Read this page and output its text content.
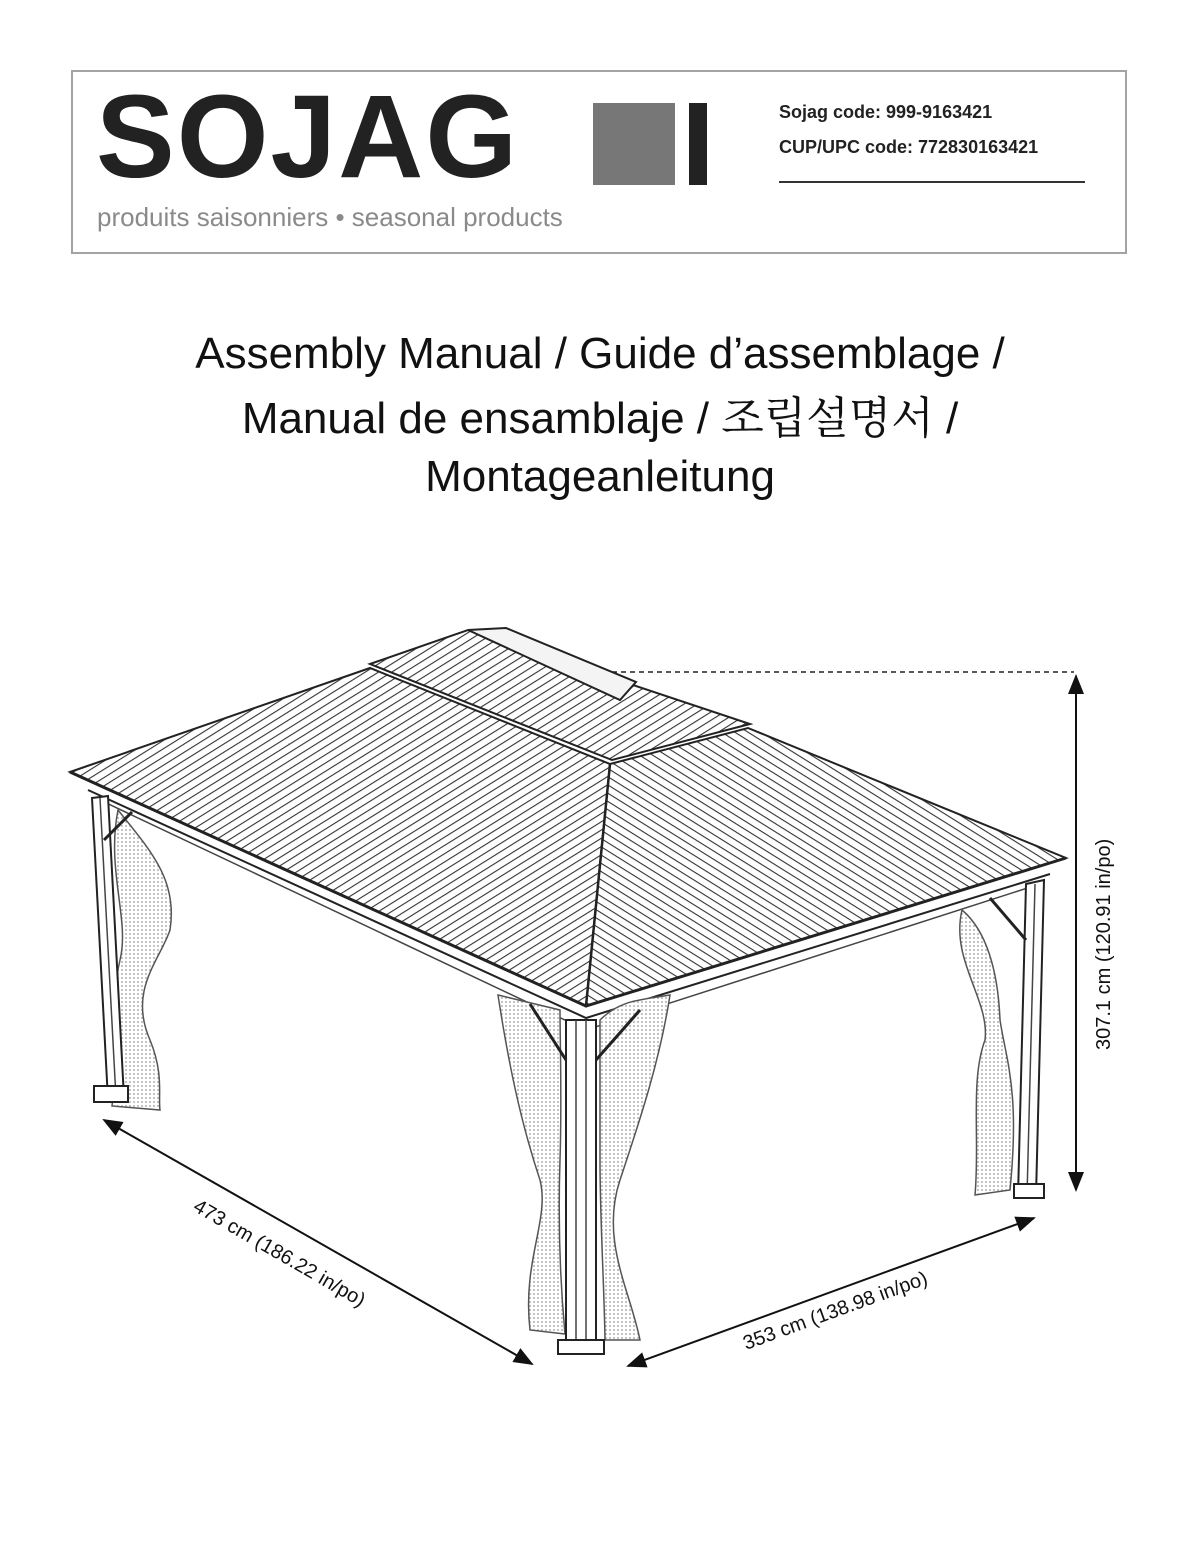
SOJAG
produits saisonniers • seasonal products
Sojag code: 999-9163421
CUP/UPC code: 772830163421
Assembly Manual / Guide d’assemblage /
Manual de ensamblaje / 조립설명서 /
Montageanleitung
473 cm (186.22 in/po)	353 cm (138.98 in/po)
307.1 cm (120.91 in/po)
